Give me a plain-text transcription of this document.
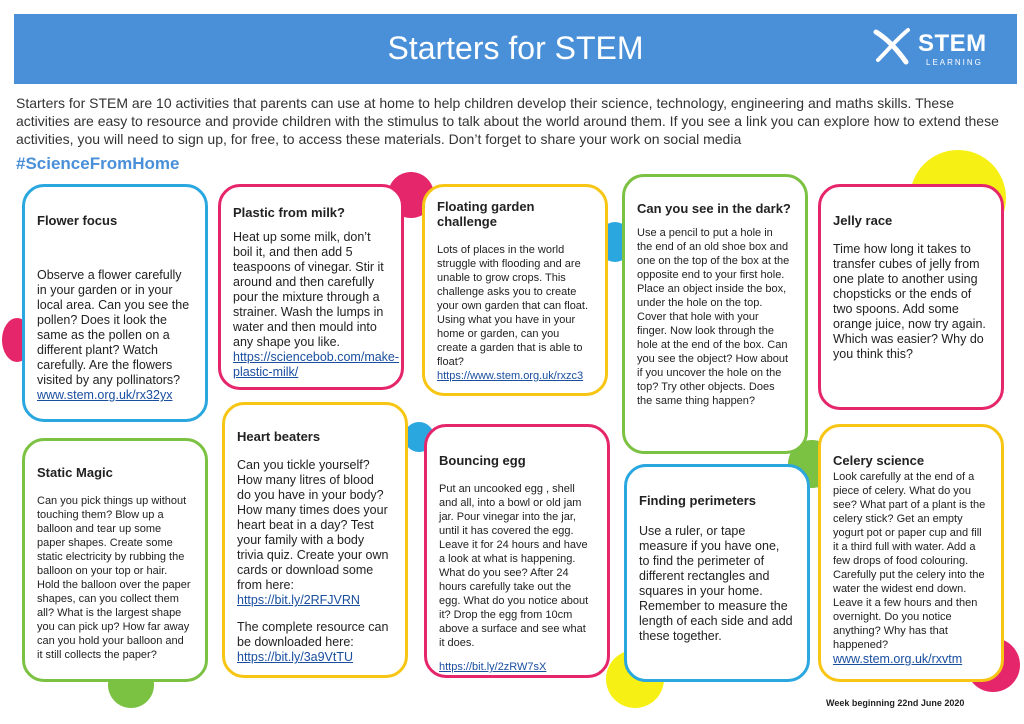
Starters for STEM	STEM
LEARNING

Starters for STEM are 10 activities that parents can use at home to help children develop their science, technology, engineering and maths skills. These activities are easy to resource and provide children with the stimulus to talk about the world around them. If you see a link you can explore how to extend these activities, you will need to sign up, for free, to access these materials. Don’t forget to share your work on social media

#ScienceFromHome
Flower focus

Observe a flower carefully in your garden or in your local area. Can you see the pollen? Does it look the same as the pollen on a different plant? Watch carefully. Are the flowers visited by any pollinators? www.stem.org.uk/rx32yx

Plastic from milk?

Heat up some milk, don’t boil it, and then add 5 teaspoons of vinegar. Stir it around and then carefully pour the mixture through a strainer. Wash the lumps in water and then mould into any shape you like. https://sciencebob.com/make-plastic-milk/

Floating garden challenge

Lots of places in the world struggle with flooding and are unable to grow crops. This challenge asks you to create your own garden that can float. Using what you have in your home or garden, can you create a garden that is able to float? https://www.stem.org.uk/rxzc3

Can you see in the dark?

Use a pencil to put a hole in the end of an old shoe box and one on the top of the box at the opposite end to your first hole. Place an object inside the box, under the hole on the top. Cover that hole with your finger. Now look through the hole at the end of the box. Can you see the object? How about if you uncover the hole on the top? Try other objects. Does the same thing happen?

Jelly race

Time how long it takes to transfer cubes of jelly from one plate to another using chopsticks or the ends of two spoons. Add some orange juice, now try again. Which was easier? Why do you think this?

Static Magic

Can you pick things up without touching them? Blow up a balloon and tear up some paper shapes. Create some static electricity by rubbing the balloon on your top or hair. Hold the balloon over the paper shapes, can you collect them all? What is the largest shape you can pick up? How far away can you hold your balloon and it still collects the paper?

Heart beaters

Can you tickle yourself? How many litres of blood do you have in your body? How many times does your heart beat in a day? Test your family with a body trivia quiz. Create your own cards or download some from here:
https://bit.ly/2RFJVRN

The complete resource can be downloaded here:
https://bit.ly/3a9VtTU

Bouncing egg

Put an uncooked egg , shell and all, into a bowl or old jam jar. Pour vinegar into the jar, until it has covered the egg. Leave it for 24 hours and have a look at what is happening. What do you see? After 24 hours carefully take out the egg. What do you notice about it? Drop the egg from 10cm above a surface and see what it does.

https://bit.ly/2zRW7sX

Finding perimeters

Use a ruler, or tape measure if you have one, to find the perimeter of different rectangles and squares in your home. Remember to measure the length of each side and add these together.

Celery science

Look carefully at the end of a piece of celery. What do you see? What part of a plant is the celery stick? Get an empty yogurt pot or paper cup and fill it a third full with water. Add a few drops of food colouring. Carefully put the celery into the water the widest end down. Leave it a few hours and then overnight. Do you notice anything? Why has that happened?
www.stem.org.uk/rxvtm

Week beginning 22nd June 2020
